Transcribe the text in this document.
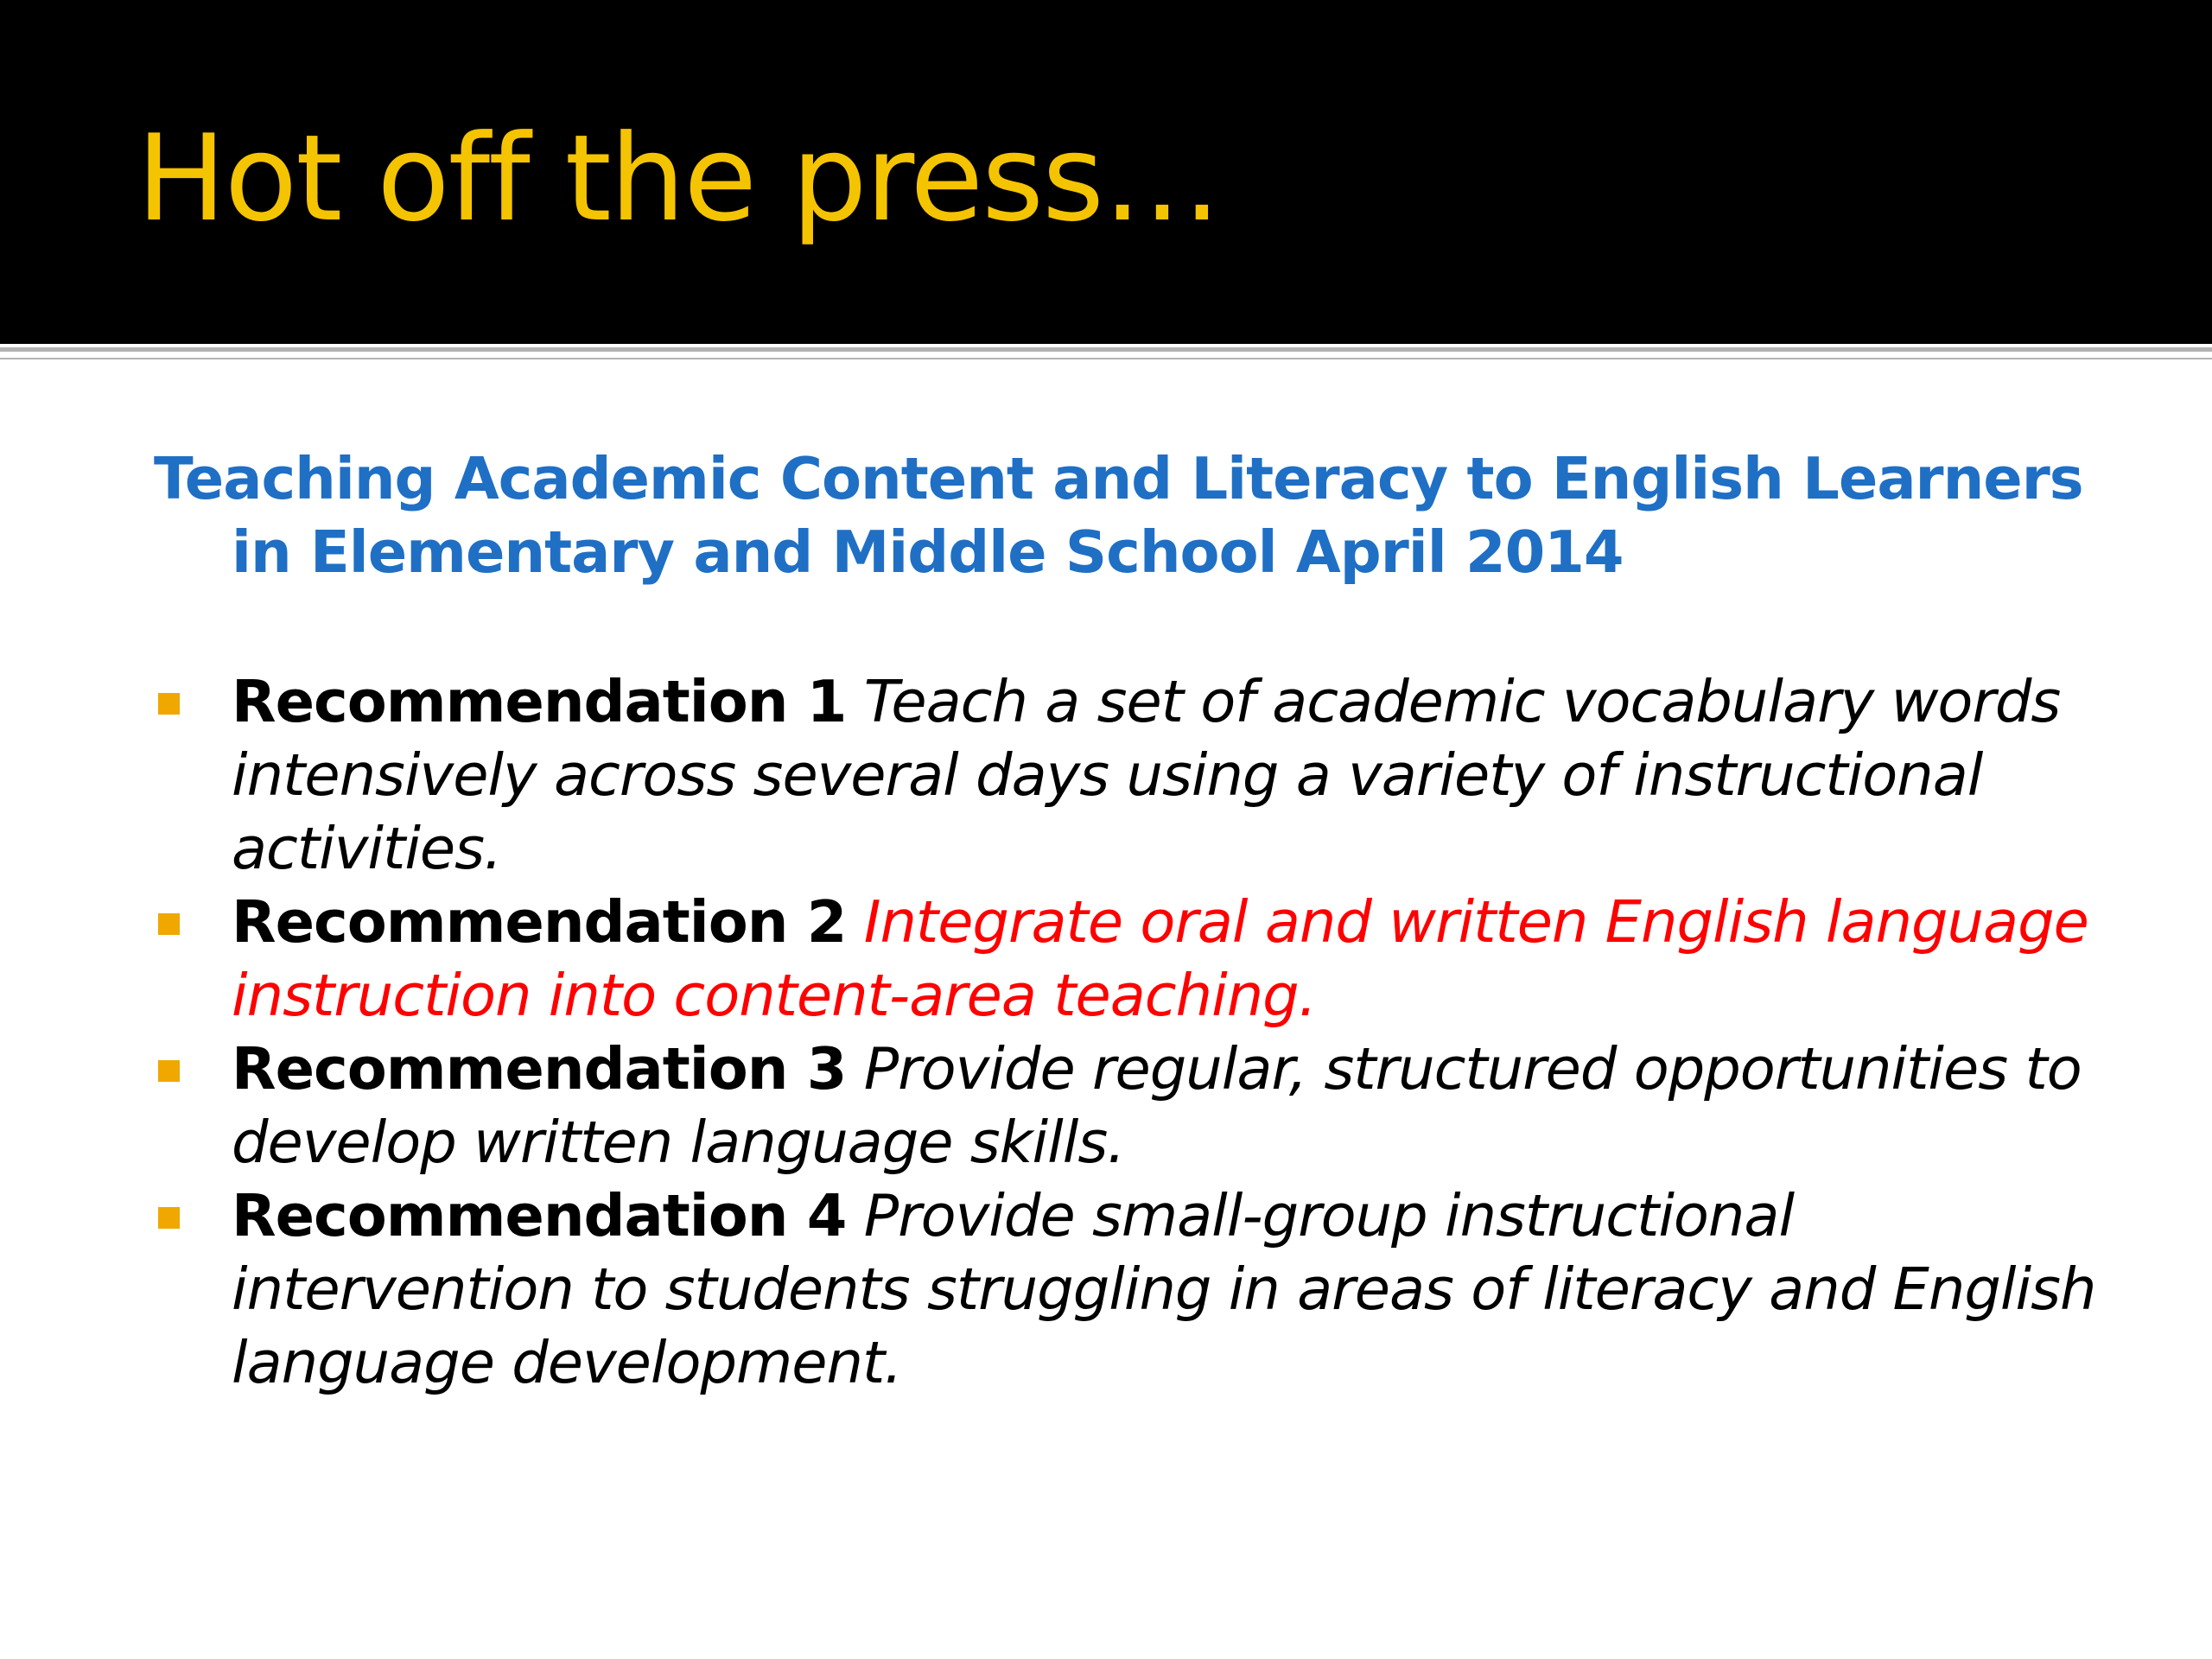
Hot off the press…

Teaching Academic Content and Literacy to English Learners in Elementary and Middle School April 2014

Recommendation 1 Teach a set of academic vocabulary words intensively across several days using a variety of instructional activities.
Recommendation 2 Integrate oral and written English language instruction into content-area teaching.
Recommendation 3 Provide regular, structured opportunities to develop written language skills.
Recommendation 4 Provide small-group instructional intervention to students struggling in areas of literacy and English language development.
